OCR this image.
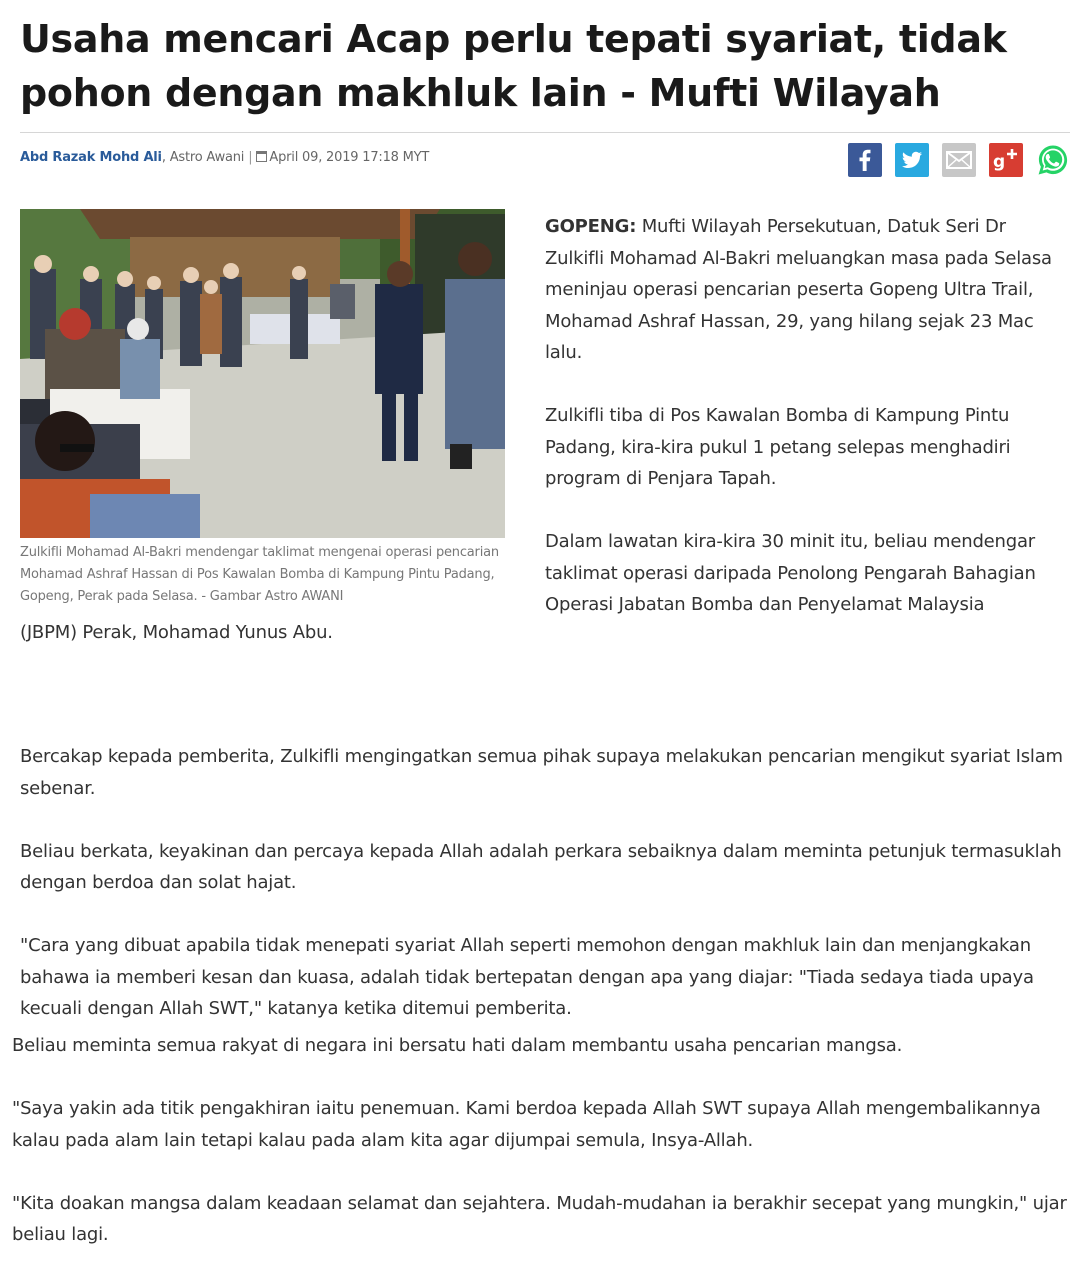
Usaha mencari Acap perlu tepati syariat, tidak pohon dengan makhluk lain - Mufti Wilayah
Abd Razak Mohd Ali, Astro Awani | April 09, 2019 17:18 MYT	g

Zulkifli Mohamad Al-Bakri mendengar taklimat mengenai operasi pencarian Mohamad Ashraf Hassan di Pos Kawalan Bomba di Kampung Pintu Padang, Gopeng, Perak pada Selasa. - Gambar Astro AWANI

GOPENG: Mufti Wilayah Persekutuan, Datuk Seri Dr Zulkifli Mohamad Al-Bakri meluangkan masa pada Selasa meninjau operasi pencarian peserta Gopeng Ultra Trail, Mohamad Ashraf Hassan, 29, yang hilang sejak 23 Mac lalu.

Zulkifli tiba di Pos Kawalan Bomba di Kampung Pintu Padang, kira-kira pukul 1 petang selepas menghadiri program di Penjara Tapah.

Dalam lawatan kira-kira 30 minit itu, beliau mendengar taklimat operasi daripada Penolong Pengarah Bahagian Operasi Jabatan Bomba dan Penyelamat Malaysia

(JBPM) Perak, Mohamad Yunus Abu.

Bercakap kepada pemberita, Zulkifli mengingatkan semua pihak supaya melakukan pencarian mengikut syariat Islam sebenar.

Beliau berkata, keyakinan dan percaya kepada Allah adalah perkara sebaiknya dalam meminta petunjuk termasuklah dengan berdoa dan solat hajat.

"Cara yang dibuat apabila tidak menepati syariat Allah seperti memohon dengan makhluk lain dan menjangkakan bahawa ia memberi kesan dan kuasa, adalah tidak bertepatan dengan apa yang diajar: "Tiada sedaya tiada upaya kecuali dengan Allah SWT," katanya ketika ditemui pemberita.

Beliau meminta semua rakyat di negara ini bersatu hati dalam membantu usaha pencarian mangsa.

"Saya yakin ada titik pengakhiran iaitu penemuan. Kami berdoa kepada Allah SWT supaya Allah mengembalikannya kalau pada alam lain tetapi kalau pada alam kita agar dijumpai semula, Insya-Allah.

"Kita doakan mangsa dalam keadaan selamat dan sejahtera. Mudah-mudahan ia berakhir secepat yang mungkin," ujar beliau lagi.
